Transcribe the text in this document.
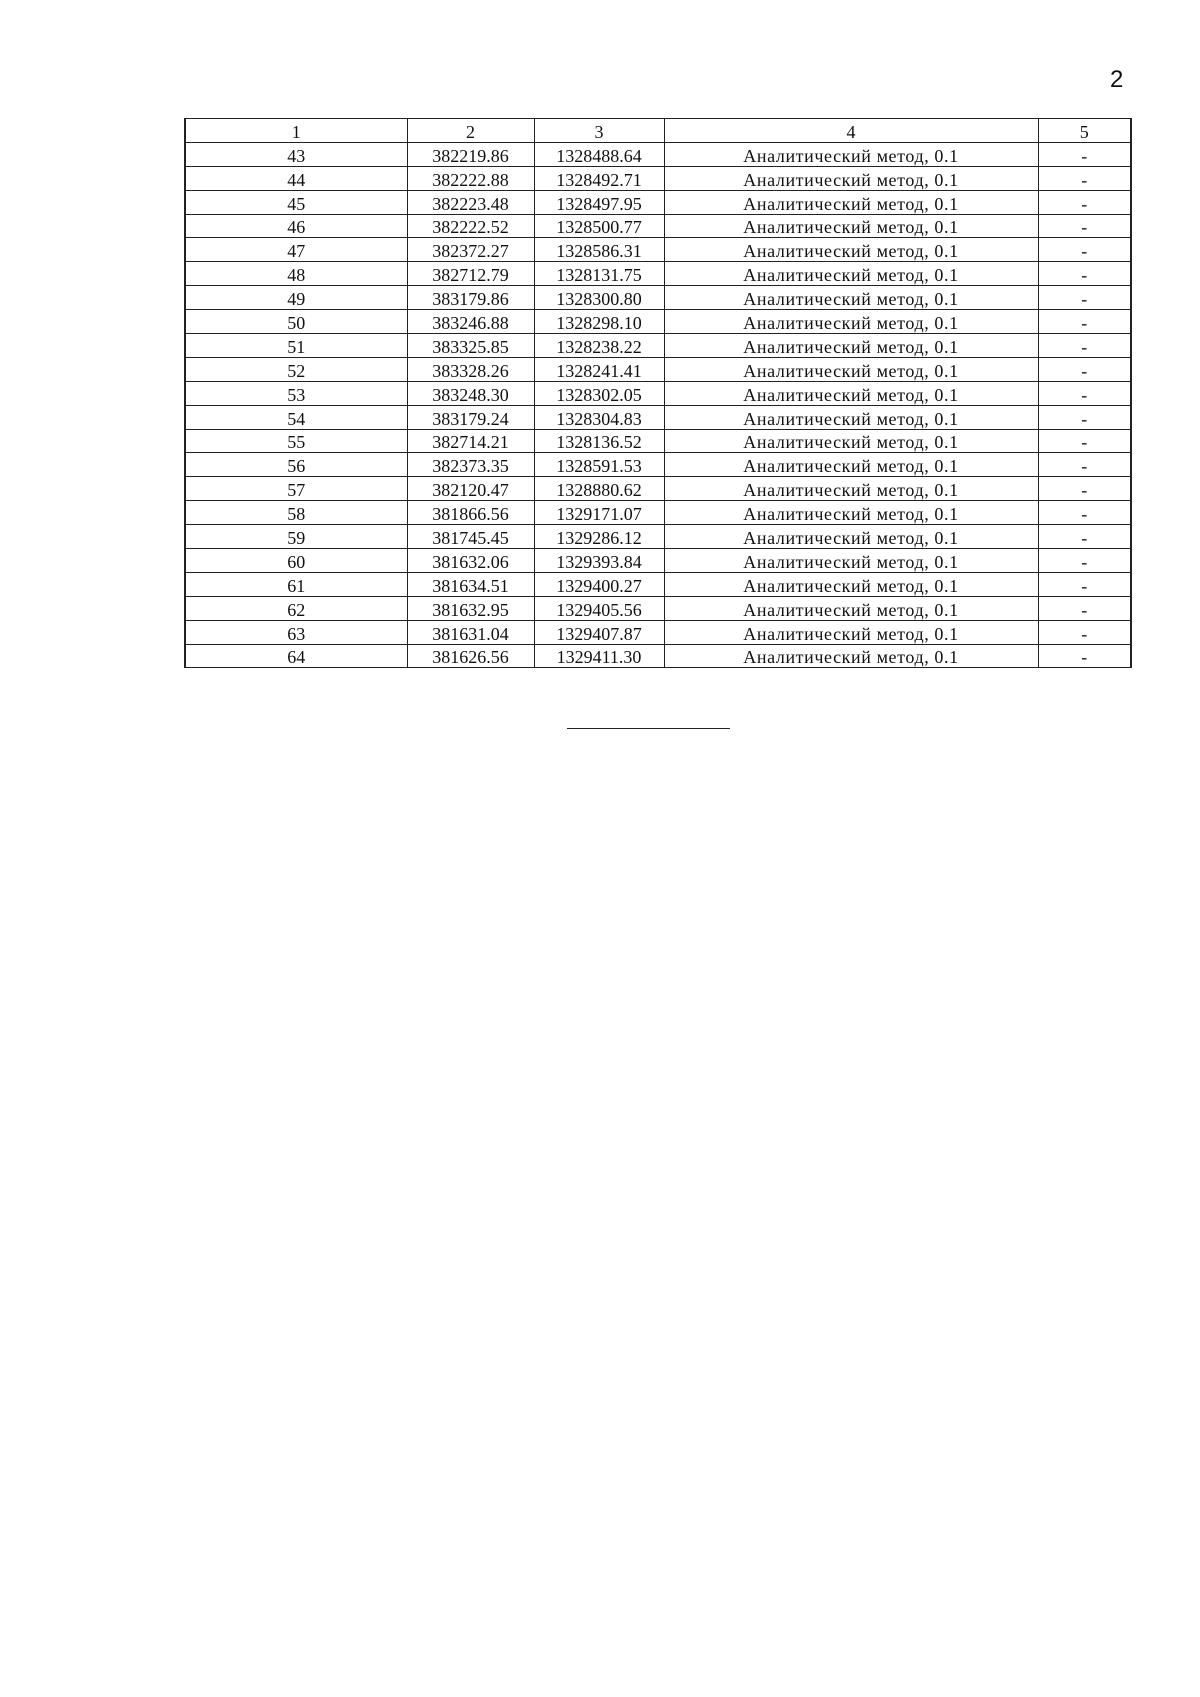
2
1	2	3	4	5
43	382219.86	1328488.64	Аналитический метод, 0.1	-
44	382222.88	1328492.71	Аналитический метод, 0.1	-
45	382223.48	1328497.95	Аналитический метод, 0.1	-
46	382222.52	1328500.77	Аналитический метод, 0.1	-
47	382372.27	1328586.31	Аналитический метод, 0.1	-
48	382712.79	1328131.75	Аналитический метод, 0.1	-
49	383179.86	1328300.80	Аналитический метод, 0.1	-
50	383246.88	1328298.10	Аналитический метод, 0.1	-
51	383325.85	1328238.22	Аналитический метод, 0.1	-
52	383328.26	1328241.41	Аналитический метод, 0.1	-
53	383248.30	1328302.05	Аналитический метод, 0.1	-
54	383179.24	1328304.83	Аналитический метод, 0.1	-
55	382714.21	1328136.52	Аналитический метод, 0.1	-
56	382373.35	1328591.53	Аналитический метод, 0.1	-
57	382120.47	1328880.62	Аналитический метод, 0.1	-
58	381866.56	1329171.07	Аналитический метод, 0.1	-
59	381745.45	1329286.12	Аналитический метод, 0.1	-
60	381632.06	1329393.84	Аналитический метод, 0.1	-
61	381634.51	1329400.27	Аналитический метод, 0.1	-
62	381632.95	1329405.56	Аналитический метод, 0.1	-
63	381631.04	1329407.87	Аналитический метод, 0.1	-
64	381626.56	1329411.30	Аналитический метод, 0.1	-
